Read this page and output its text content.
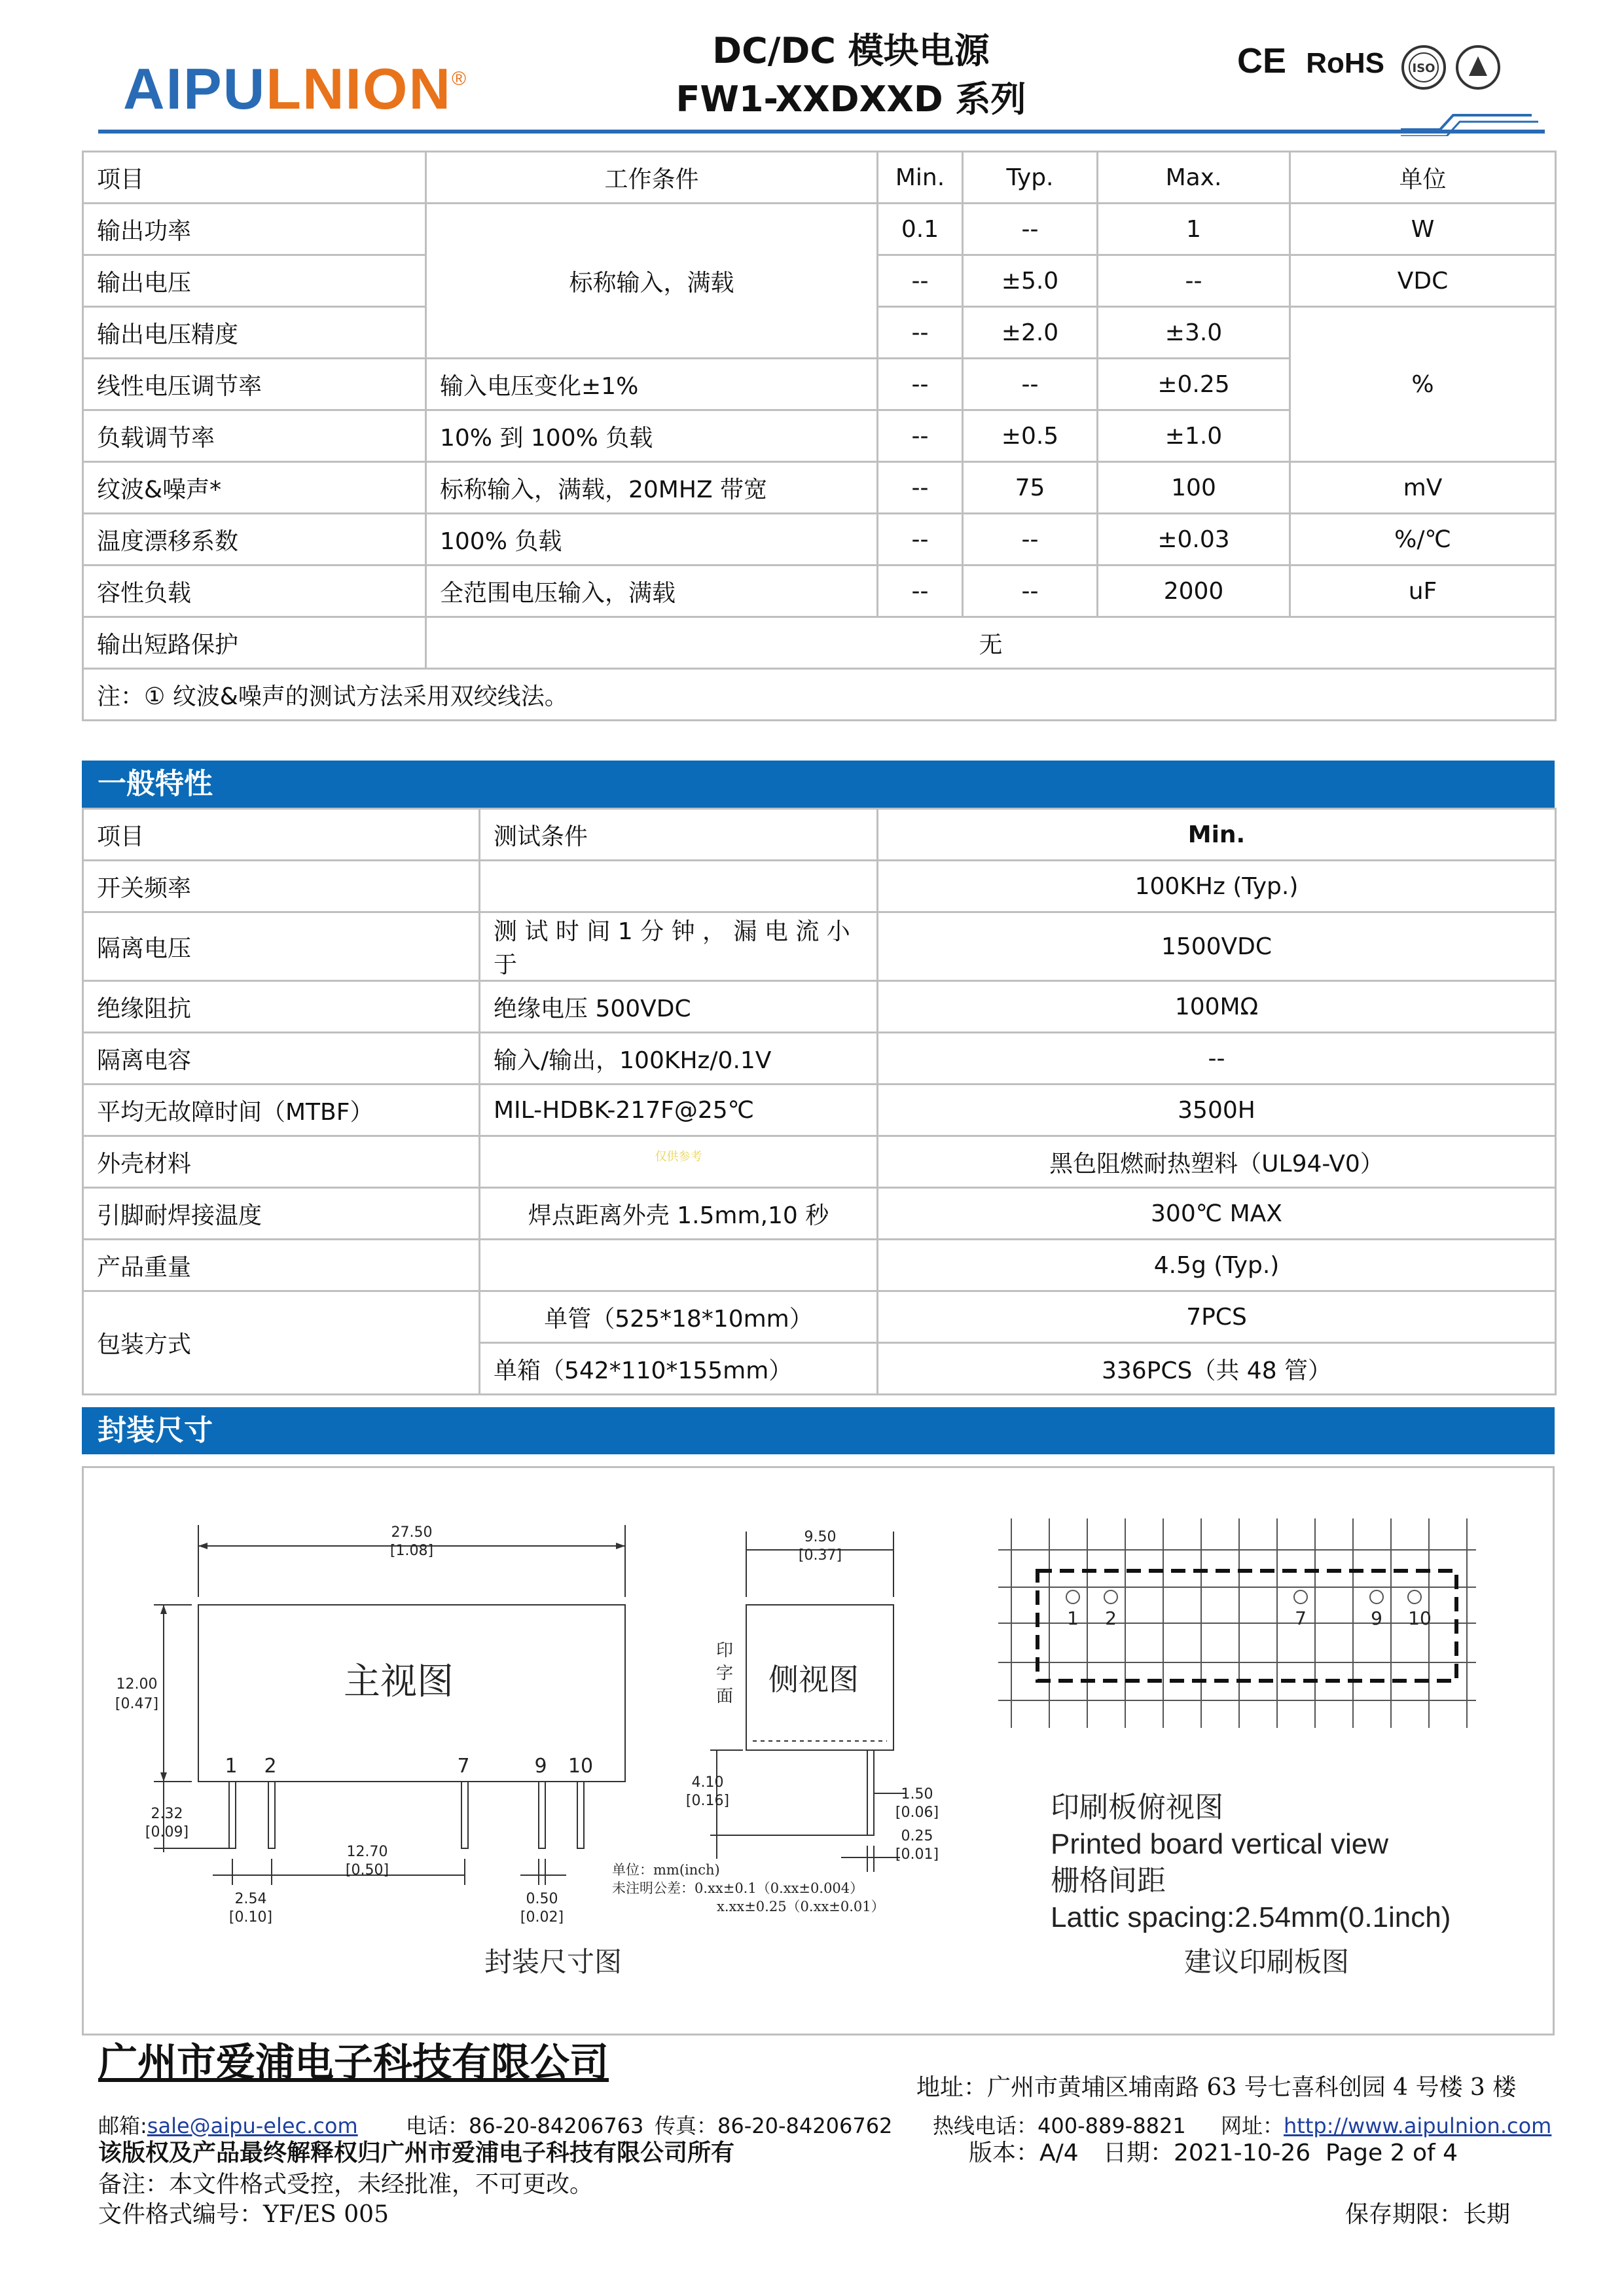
AIPULNION®
DC/DC 模块电源
FW1-XXDXXD 系列
CE RoHS	ISO
项目	工作条件	Min.	Typ.	Max.	单位
输出功率	标称输入，满载	0.1	--	1	W
输出电压		--	±5.0	--	VDC
输出电压精度		--	±2.0	±3.0	%
线性电压调节率	输入电压变化±1%	--	--	±0.25	
负载调节率	10% 到 100% 负载	--	±0.5	±1.0	
纹波&噪声*	标称输入，满载，20MHZ 带宽	--	75	100	mV
温度漂移系数	100% 负载	--	--	±0.03	%/℃
容性负载	全范围电压输入，满载	--	--	2000	uF
输出短路保护	无				
注：① 纹波&噪声的测试方法采用双绞线法。					
一般特性
项目	测试条件	Min.
开关频率		100KHz (Typ.)
隔离电压	测 试 时 间 1 分 钟 ， 漏 电 流 小 于	1500VDC
绝缘阻抗	绝缘电压 500VDC	100MΩ
隔离电容	输入/输出，100KHz/0.1V	--
平均无故障时间（MTBF）	MIL-HDBK-217F@25℃	3500H
外壳材料	$^{仅供参考}$	黑色阻燃耐热塑料（UL94-V0）
引脚耐焊接温度	焊点距离外壳 1.5mm,10 秒	300℃ MAX
产品重量		4.5g (Typ.)
包装方式	单管（525*18*10mm）	7PCS
	单箱（542*110*155mm）	336PCS（共 48 管）
封装尺寸
27.50
[1.08]
12.00
[0.47]
主视图
1 2	7	9 10
2.32
[0.09]
2.54
[0.10]
12.70
[0.50]
0.50
[0.02]
9.50
[0.37]
侧视图
印
字
面
4.10
[0.16]	1.50
[0.06]
0.25
[0.01]
单位：mm(inch)
未注明公差：0.xx±0.1（0.xx±0.004）
x.xx±0.25（0.xx±0.01）
封装尺寸图
1 2	7	9 10
印刷板俯视图
Printed board vertical view
栅格间距
Lattic spacing:2.54mm(0.1inch)
建议印刷板图
广州市爱浦电子科技有限公司
地址：广州市黄埔区埔南路 63 号七喜科创园 4 号楼 3 楼
邮箱:sale@aipu-elec.com 电话：86-20-84206763 传真：86-20-84206762 热线电话：400-889-8821 网址：http://www.aipulnion.com
该版权及产品最终解释权归广州市爱浦电子科技有限公司所有	版本：A/4 日期：2021-10-26 Page 2 of 4
备注：本文件格式受控，未经批准，不可更改。
文件格式编号：YF/ES 005	保存期限：长期
